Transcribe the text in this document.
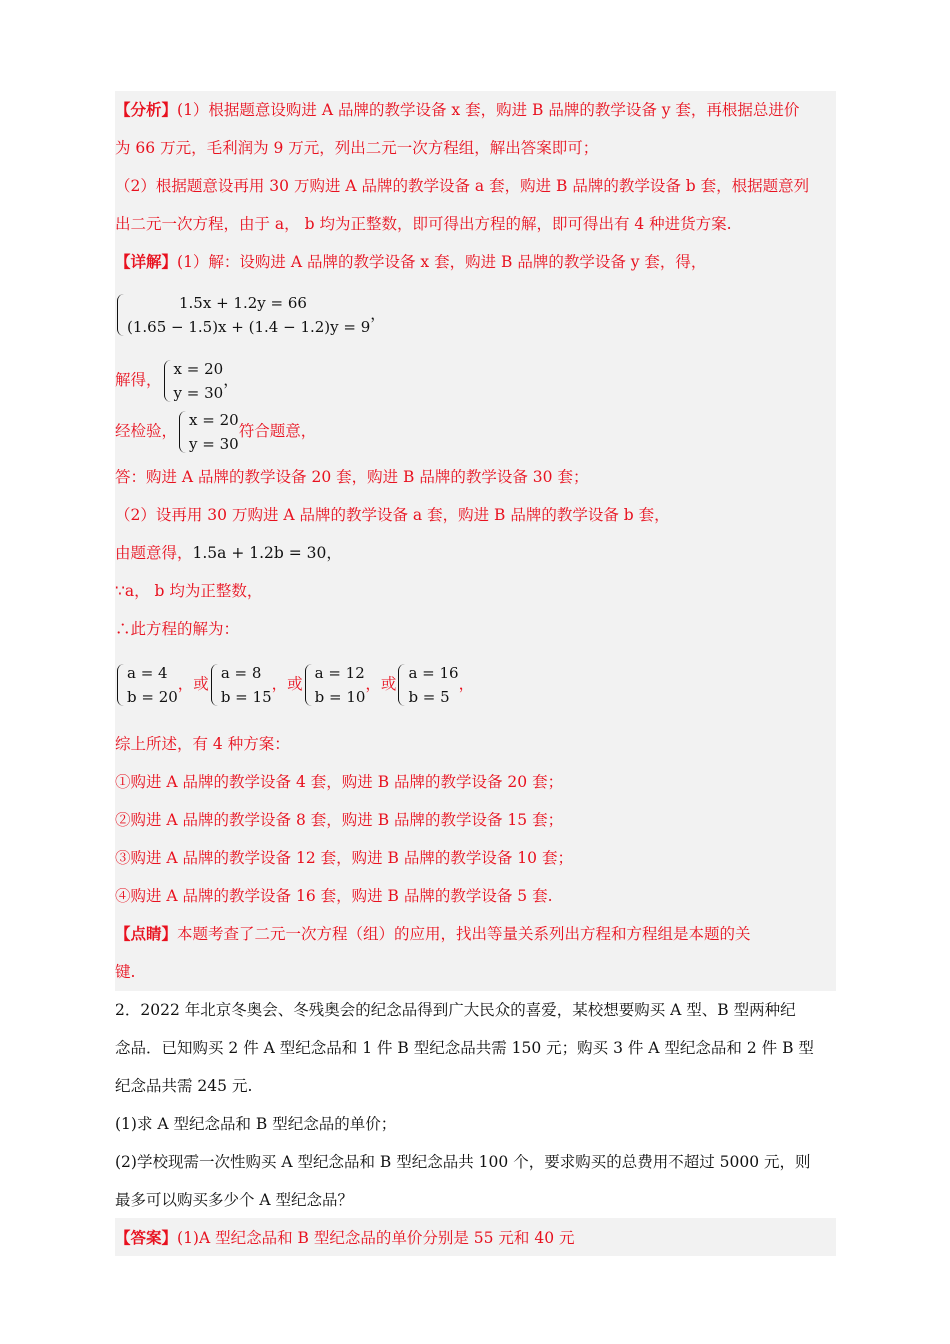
【分析】(1）根据题意设购进 A 品牌的教学设备 x 套，购进 B 品牌的教学设备 y 套，再根据总进价
为 66 万元，毛利润为 9 万元，列出二元一次方程组，解出答案即可；
（2）根据题意设再用 30 万购进 A 品牌的教学设备 a 套，购进 B 品牌的教学设备 b 套，根据题意列
出二元一次方程，由于 a， b 均为正整数，即可得出方程的解，即可得出有 4 种进货方案.
【详解】(1）解：设购进 A 品牌的教学设备 x 套，购进 B 品牌的教学设备 y 套，得，
1.5x + 1.2y = 66
(1.65 − 1.5)x + (1.4 − 1.2)y = 9
，
解得，
x = 20
y = 30
，
经检验，
x = 20
y = 30
符合题意，
答：购进 A 品牌的教学设备 20 套，购进 B 品牌的教学设备 30 套；
（2）设再用 30 万购进 A 品牌的教学设备 a 套，购进 B 品牌的教学设备 b 套，
由题意得，1.5a + 1.2b = 30，
∵a， b 均为正整数，
∴此方程的解为：
a = 4
b = 20
，或
a = 8
b = 15
，或
a = 12
b = 10
，或
a = 16
b = 5
，
综上所述，有 4 种方案：
①购进 A 品牌的教学设备 4 套，购进 B 品牌的教学设备 20 套；
②购进 A 品牌的教学设备 8 套，购进 B 品牌的教学设备 15 套；
③购进 A 品牌的教学设备 12 套，购进 B 品牌的教学设备 10 套；
④购进 A 品牌的教学设备 16 套，购进 B 品牌的教学设备 5 套.
【点睛】本题考查了二元一次方程（组）的应用，找出等量关系列出方程和方程组是本题的关
键.
2．2022 年北京冬奥会、冬残奥会的纪念品得到广大民众的喜爱，某校想要购买 A 型、B 型两种纪
念品．已知购买 2 件 A 型纪念品和 1 件 B 型纪念品共需 150 元；购买 3 件 A 型纪念品和 2 件 B 型
纪念品共需 245 元.
(1)求 A 型纪念品和 B 型纪念品的单价；
(2)学校现需一次性购买 A 型纪念品和 B 型纪念品共 100 个，要求购买的总费用不超过 5000 元，则
最多可以购买多少个 A 型纪念品？
【答案】(1)A 型纪念品和 B 型纪念品的单价分别是 55 元和 40 元
